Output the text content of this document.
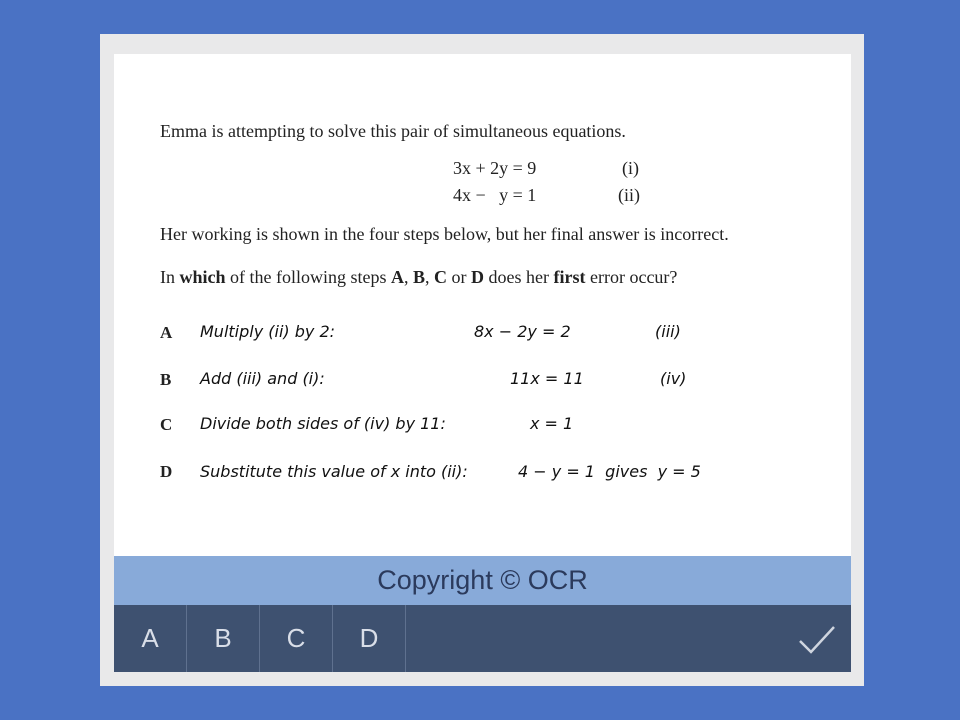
Emma is attempting to solve this pair of simultaneous equations.
3x + 2y = 9	(i)
4x −   y = 1	(ii)
Her working is shown in the four steps below, but her final answer is incorrect.
In which of the following steps A, B, C or D does her first error occur?
A Multiply (ii) by 2:	8x − 2y = 2	(iii)
B Add (iii) and (i):	11x = 11	(iv)
C Divide both sides of (iv) by 11:	x = 1
D Substitute this value of x into (ii):	4 − y = 1  gives  y = 5
Copyright © OCR
A	B	C	D
